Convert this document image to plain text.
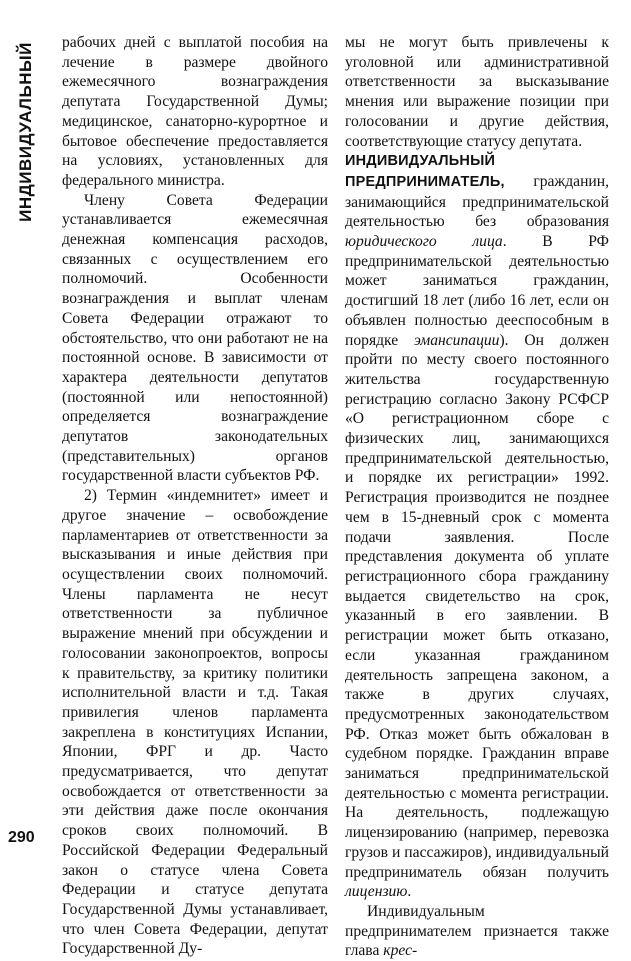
ИНДИВИДУАЛЬНЫЙ
290

рабочих дней с выплатой пособия на лечение в размере двойного ежемесячного вознаграждения депутата Государственной Думы; медицинское, санаторно-курортное и бытовое обеспечение предоставляется на условиях, установленных для федерального министра.

Члену Совета Федерации устанавливается ежемесячная денежная компенсация расходов, связанных с осуществлением его полномочий. Особенности вознаграждения и выплат членам Совета Федерации отражают то обстоятельство, что они работают не на постоянной основе. В зависимости от характера деятельности депутатов (постоянной или непостоянной) определяется вознаграждение депутатов законодательных (представительных) органов государственной власти субъектов РФ.

2) Термин «индемнитет» имеет и другое значение – освобождение парламентариев от ответственности за высказывания и иные действия при осуществлении своих полномочий. Члены парламента не несут ответственности за публичное выражение мнений при обсуждении и голосовании законопроектов, вопросы к правительству, за критику политики исполнительной власти и т.д. Такая привилегия членов парламента закреплена в конституциях Испании, Японии, ФРГ и др. Часто предусматривается, что депутат освобождается от ответственности за эти действия даже после окончания сроков своих полномочий. В Российской Федерации Федеральный закон о статусе члена Совета Федерации и статусе депутата Государственной Думы устанавливает, что член Совета Федерации, депутат Государственной Ду-

мы не могут быть привлечены к уголовной или административной ответственности за высказывание мнения или выражение позиции при голосовании и другие действия, соответствующие статусу депутата.

ИНДИВИДУАЛЬНЫЙ ПРЕДПРИНИМАТЕЛЬ, гражданин, занимающийся предпринимательской деятельностью без образования юридического лица. В РФ предпринимательской деятельностью может заниматься гражданин, достигший 18 лет (либо 16 лет, если он объявлен полностью дееспособным в порядке эмансипации). Он должен пройти по месту своего постоянного жительства государственную регистрацию согласно Закону РСФСР «О регистрационном сборе с физических лиц, занимающихся предпринимательской деятельностью, и порядке их регистрации» 1992. Регистрация производится не позднее чем в 15-дневный срок с момента подачи заявления. После представления документа об уплате регистрационного сбора гражданину выдается свидетельство на срок, указанный в его заявлении. В регистрации может быть отказано, если указанная гражданином деятельность запрещена законом, а также в других случаях, предусмотренных законодательством РФ. Отказ может быть обжалован в судебном порядке. Гражданин вправе заниматься предпринимательской деятельностью с момента регистрации. На деятельность, подлежащую лицензированию (например, перевозка грузов и пассажиров), индивидуальный предприниматель обязан получить лицензию.

Индивидуальным предпринимателем признается также глава крес-
